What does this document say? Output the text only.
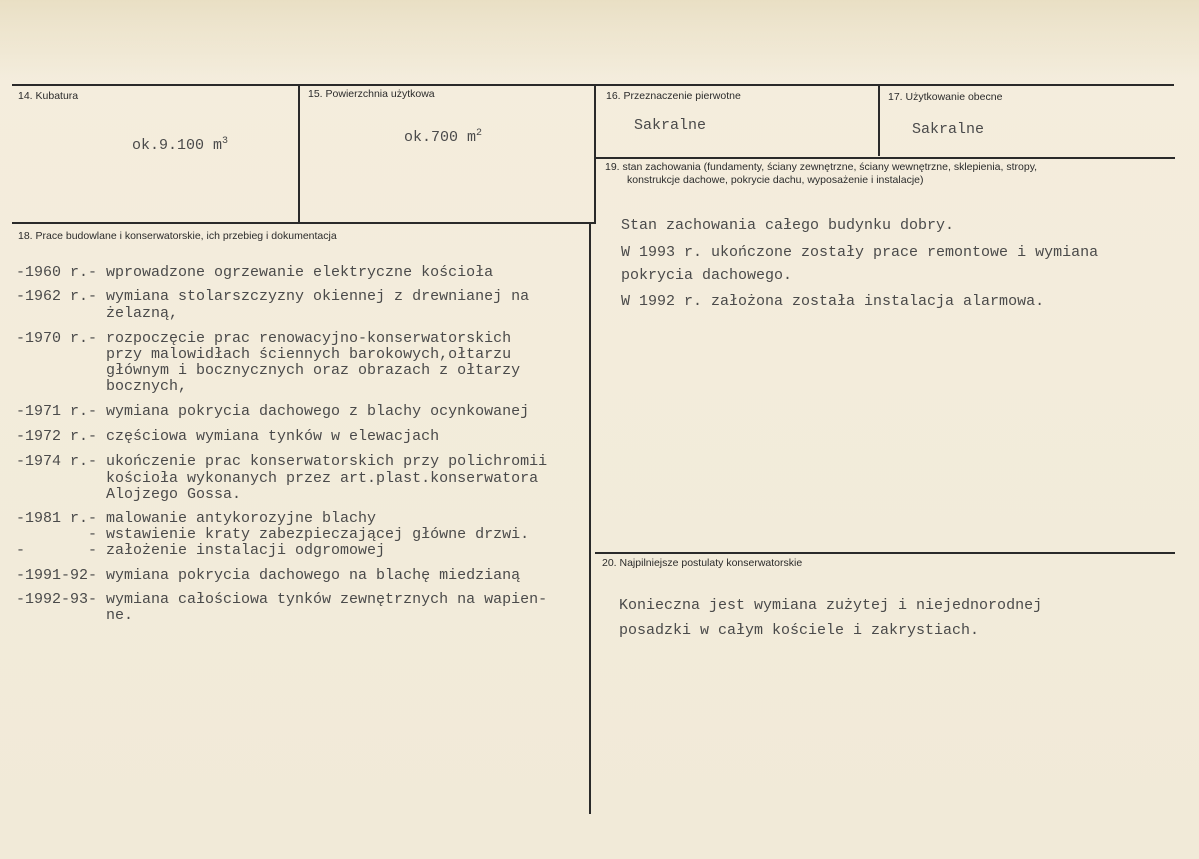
14. Kubatura

ok.9.100 $m^3$

15. Powierzchnia użytkowa

ok.700 $m^2$

16. Przeznaczenie pierwotne
Sakralne
17. Użytkowanie obecne
Sakralne
19. stan zachowania (fundamenty, ściany zewnętrzne, ściany wewnętrzne, sklepienia, stropy,
konstrukcje dachowe, pokrycie dachu, wyposażenie i instalacje)
Stan zachowania całego budynku dobry.
W 1993 r. ukończone zostały prace remontowe i wymiana
pokrycia dachowego.
W 1992 r. założona została instalacja alarmowa.
18. Prace budowlane i konserwatorskie, ich przebieg i dokumentacja
-1960 r.- wprowadzone ogrzewanie elektryczne kościoła
-1962 r.- wymiana stolarszczyzny okiennej z drewnianej na
żelazną,
-1970 r.- rozpoczęcie prac renowacyjno-konserwatorskich
przy malowidłach ściennych barokowych,ołtarzu
głównym i bocznycznych oraz obrazach z ołtarzy
bocznych,
-1971 r.- wymiana pokrycia dachowego z blachy ocynkowanej
-1972 r.- częściowa wymiana tynków w elewacjach
-1974 r.- ukończenie prac konserwatorskich przy polichromii
kościoła wykonanych przez art.plast.konserwatora
Alojzego Gossa.
-1981 r.- malowanie antykorozyjne blachy
- wstawienie kraty zabezpieczającej główne drzwi.
-       - założenie instalacji odgromowej
-1991-92- wymiana pokrycia dachowego na blachę miedzianą
-1992-93- wymiana całościowa tynków zewnętrznych na wapien-
ne.
20. Najpilniejsze postulaty konserwatorskie
Konieczna jest wymiana zużytej i niejednorodnej
posadzki w całym kościele i zakrystiach.
